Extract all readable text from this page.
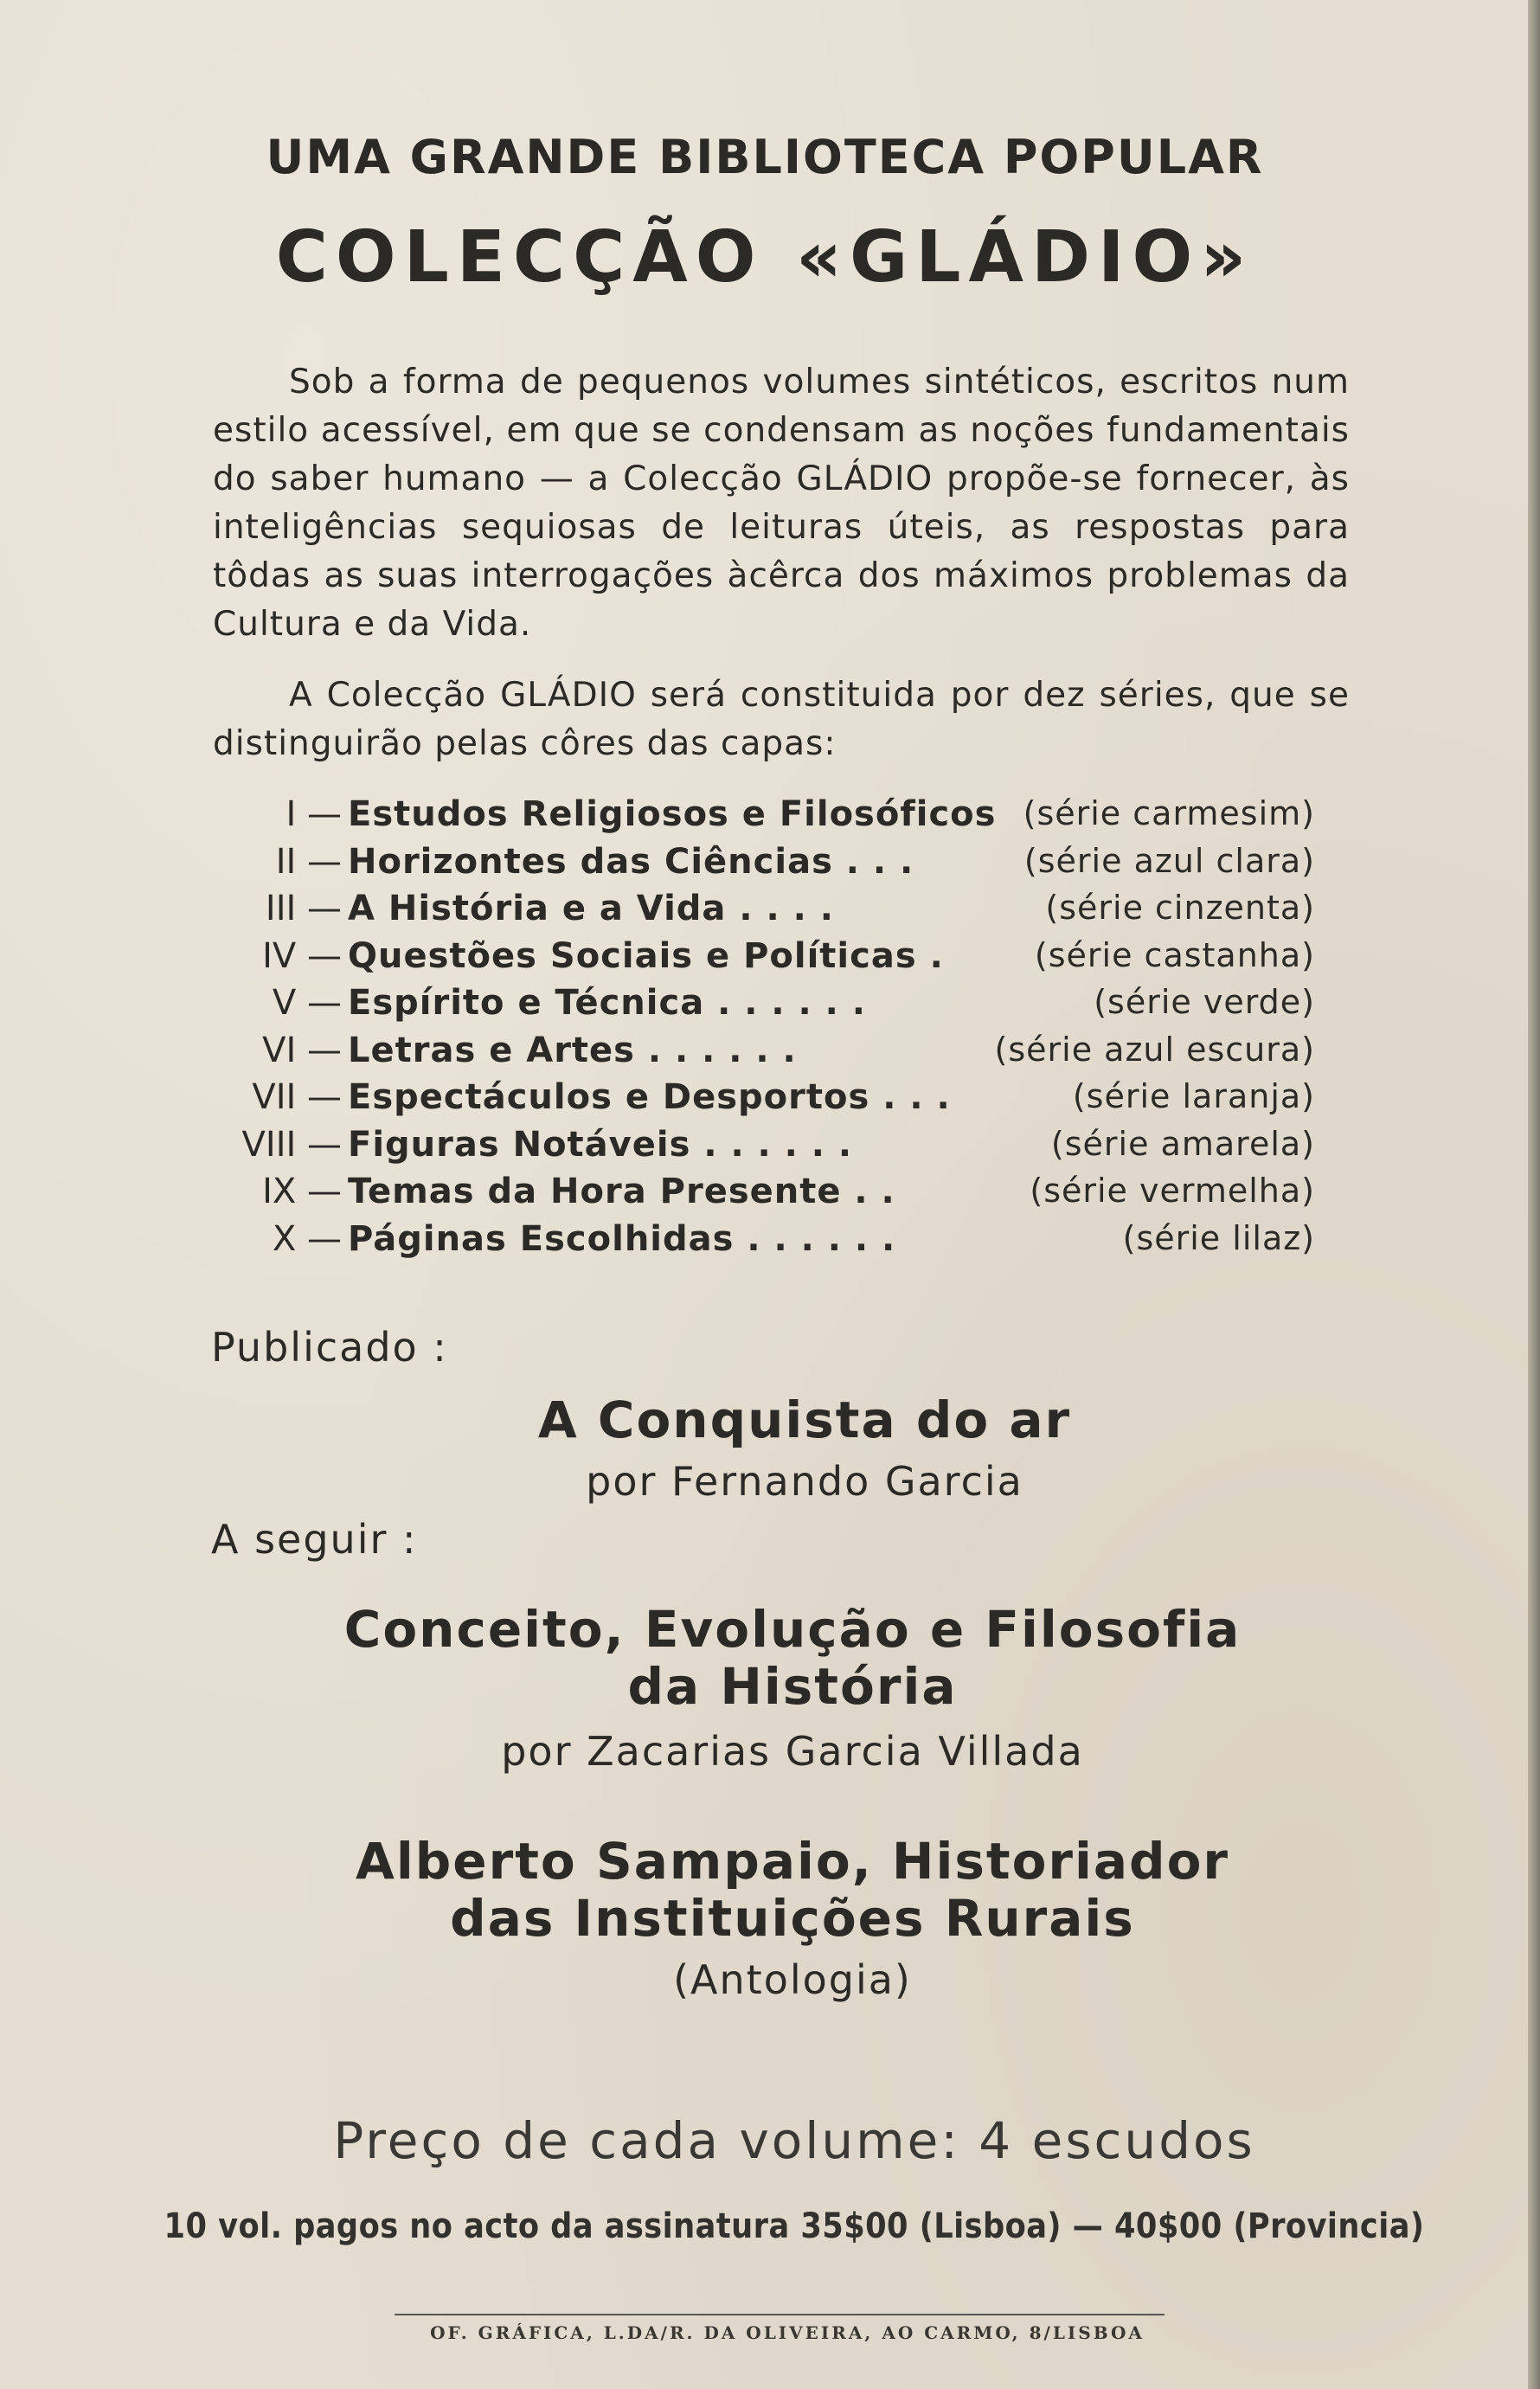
UMA GRANDE BIBLIOTECA POPULAR
COLECÇÃO «GLÁDIO»
Sob a forma de pequenos volumes sintéticos, escritos num estilo acessível, em que se condensam as noções fundamentais do saber humano — a Colecção GLÁDIO propõe-se fornecer, às inteligências sequiosas de leituras úteis, as respostas para tôdas as suas interrogações àcêrca dos máximos problemas da Cultura e da Vida.
A Colecção GLÁDIO será constituida por dez séries, que se distinguirão pelas côres das capas:
I — Estudos Religiosos e Filosóficos (série carmesim)
II — Horizontes das Ciências . . .	(série azul clara)
III — A História e a Vida . . . .	(série cinzenta)
IV — Questões Sociais e Políticas .	(série castanha)
V — Espírito e Técnica . . . . . .	(série verde)
VI — Letras e Artes . . . . . .	(série azul escura)
VII — Espectáculos e Desportos . . .	(série laranja)
VIII — Figuras Notáveis . . . . . .	(série amarela)
IX — Temas da Hora Presente . .	(série vermelha)
X — Páginas Escolhidas . . . . . .	(série lilaz)
Publicado :
A Conquista do ar
por Fernando Garcia
A seguir :
Conceito, Evolução e Filosofia
da História
por Zacarias Garcia Villada
Alberto Sampaio, Historiador
das Instituições Rurais
(Antologia)
Preço de cada volume: 4 escudos
10 vol. pagos no acto da assinatura 35$00 (Lisboa) — 40$00 (Provincia)
OF. GRÁFICA, L.DA/R. DA OLIVEIRA, AO CARMO, 8/LISBOA
